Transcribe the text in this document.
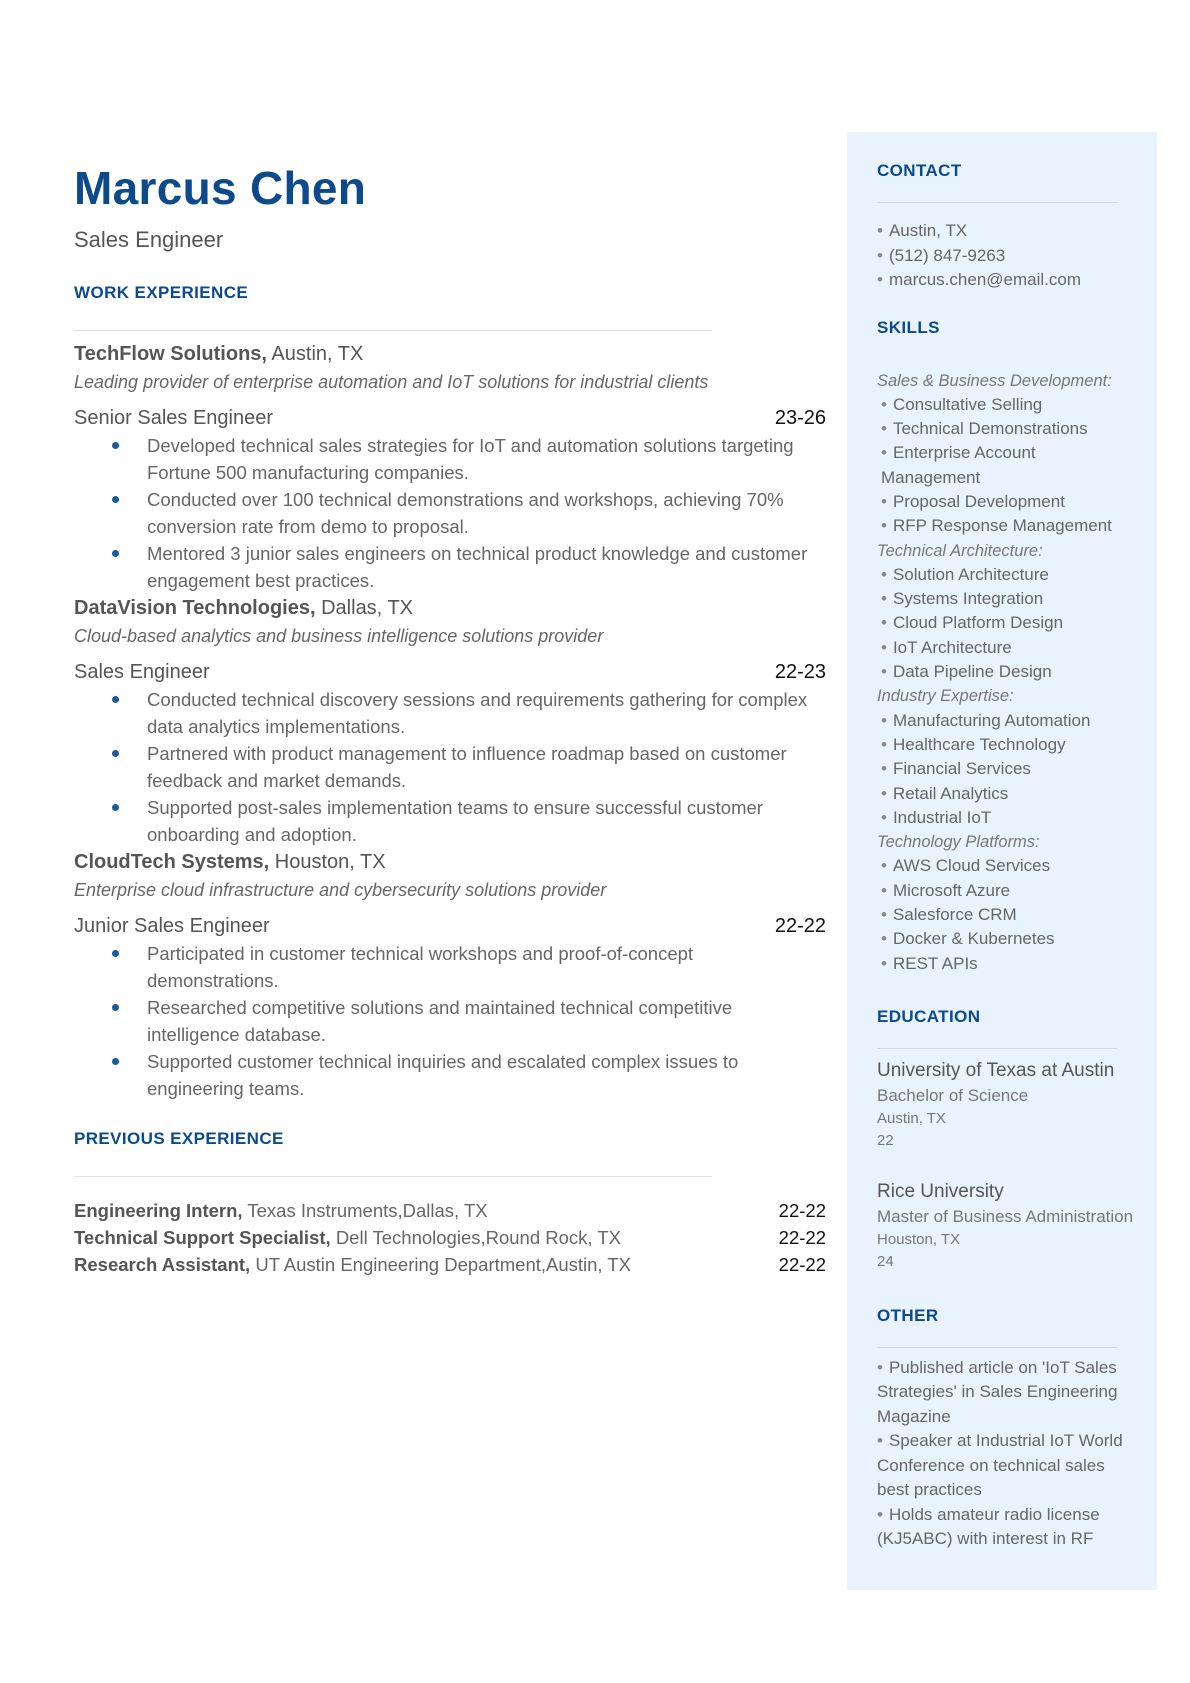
Marcus Chen
Sales Engineer
WORK EXPERIENCE
TechFlow Solutions, Austin, TX
Leading provider of enterprise automation and IoT solutions for industrial clients
Senior Sales Engineer	23-26
Developed technical sales strategies for IoT and automation solutions targeting Fortune 500 manufacturing companies.
Conducted over 100 technical demonstrations and workshops, achieving 70% conversion rate from demo to proposal.
Mentored 3 junior sales engineers on technical product knowledge and customer engagement best practices.
DataVision Technologies, Dallas, TX
Cloud-based analytics and business intelligence solutions provider
Sales Engineer	22-23
Conducted technical discovery sessions and requirements gathering for complex data analytics implementations.
Partnered with product management to influence roadmap based on customer feedback and market demands.
Supported post-sales implementation teams to ensure successful customer onboarding and adoption.
CloudTech Systems, Houston, TX
Enterprise cloud infrastructure and cybersecurity solutions provider
Junior Sales Engineer	22-22
Participated in customer technical workshops and proof-of-concept demonstrations.
Researched competitive solutions and maintained technical competitive intelligence database.
Supported customer technical inquiries and escalated complex issues to engineering teams.
PREVIOUS EXPERIENCE
Engineering Intern, Texas Instruments,Dallas, TX	22-22
Technical Support Specialist, Dell Technologies,Round Rock, TX	22-22
Research Assistant, UT Austin Engineering Department,Austin, TX	22-22
CONTACT
• Austin, TX
• (512) 847-9263
• marcus.chen@email.com
SKILLS
Sales & Business Development:
• Consultative Selling
• Technical Demonstrations
• Enterprise Account Management
• Proposal Development
• RFP Response Management
Technical Architecture:
• Solution Architecture
• Systems Integration
• Cloud Platform Design
• IoT Architecture
• Data Pipeline Design
Industry Expertise:
• Manufacturing Automation
• Healthcare Technology
• Financial Services
• Retail Analytics
• Industrial IoT
Technology Platforms:
• AWS Cloud Services
• Microsoft Azure
• Salesforce CRM
• Docker & Kubernetes
• REST APIs
EDUCATION
University of Texas at Austin
Bachelor of Science
Austin, TX
22
Rice University
Master of Business Administration
Houston, TX
24
OTHER
• Published article on 'IoT Sales Strategies' in Sales Engineering Magazine
• Speaker at Industrial IoT World Conference on technical sales best practices
• Holds amateur radio license (KJ5ABC) with interest in RF
